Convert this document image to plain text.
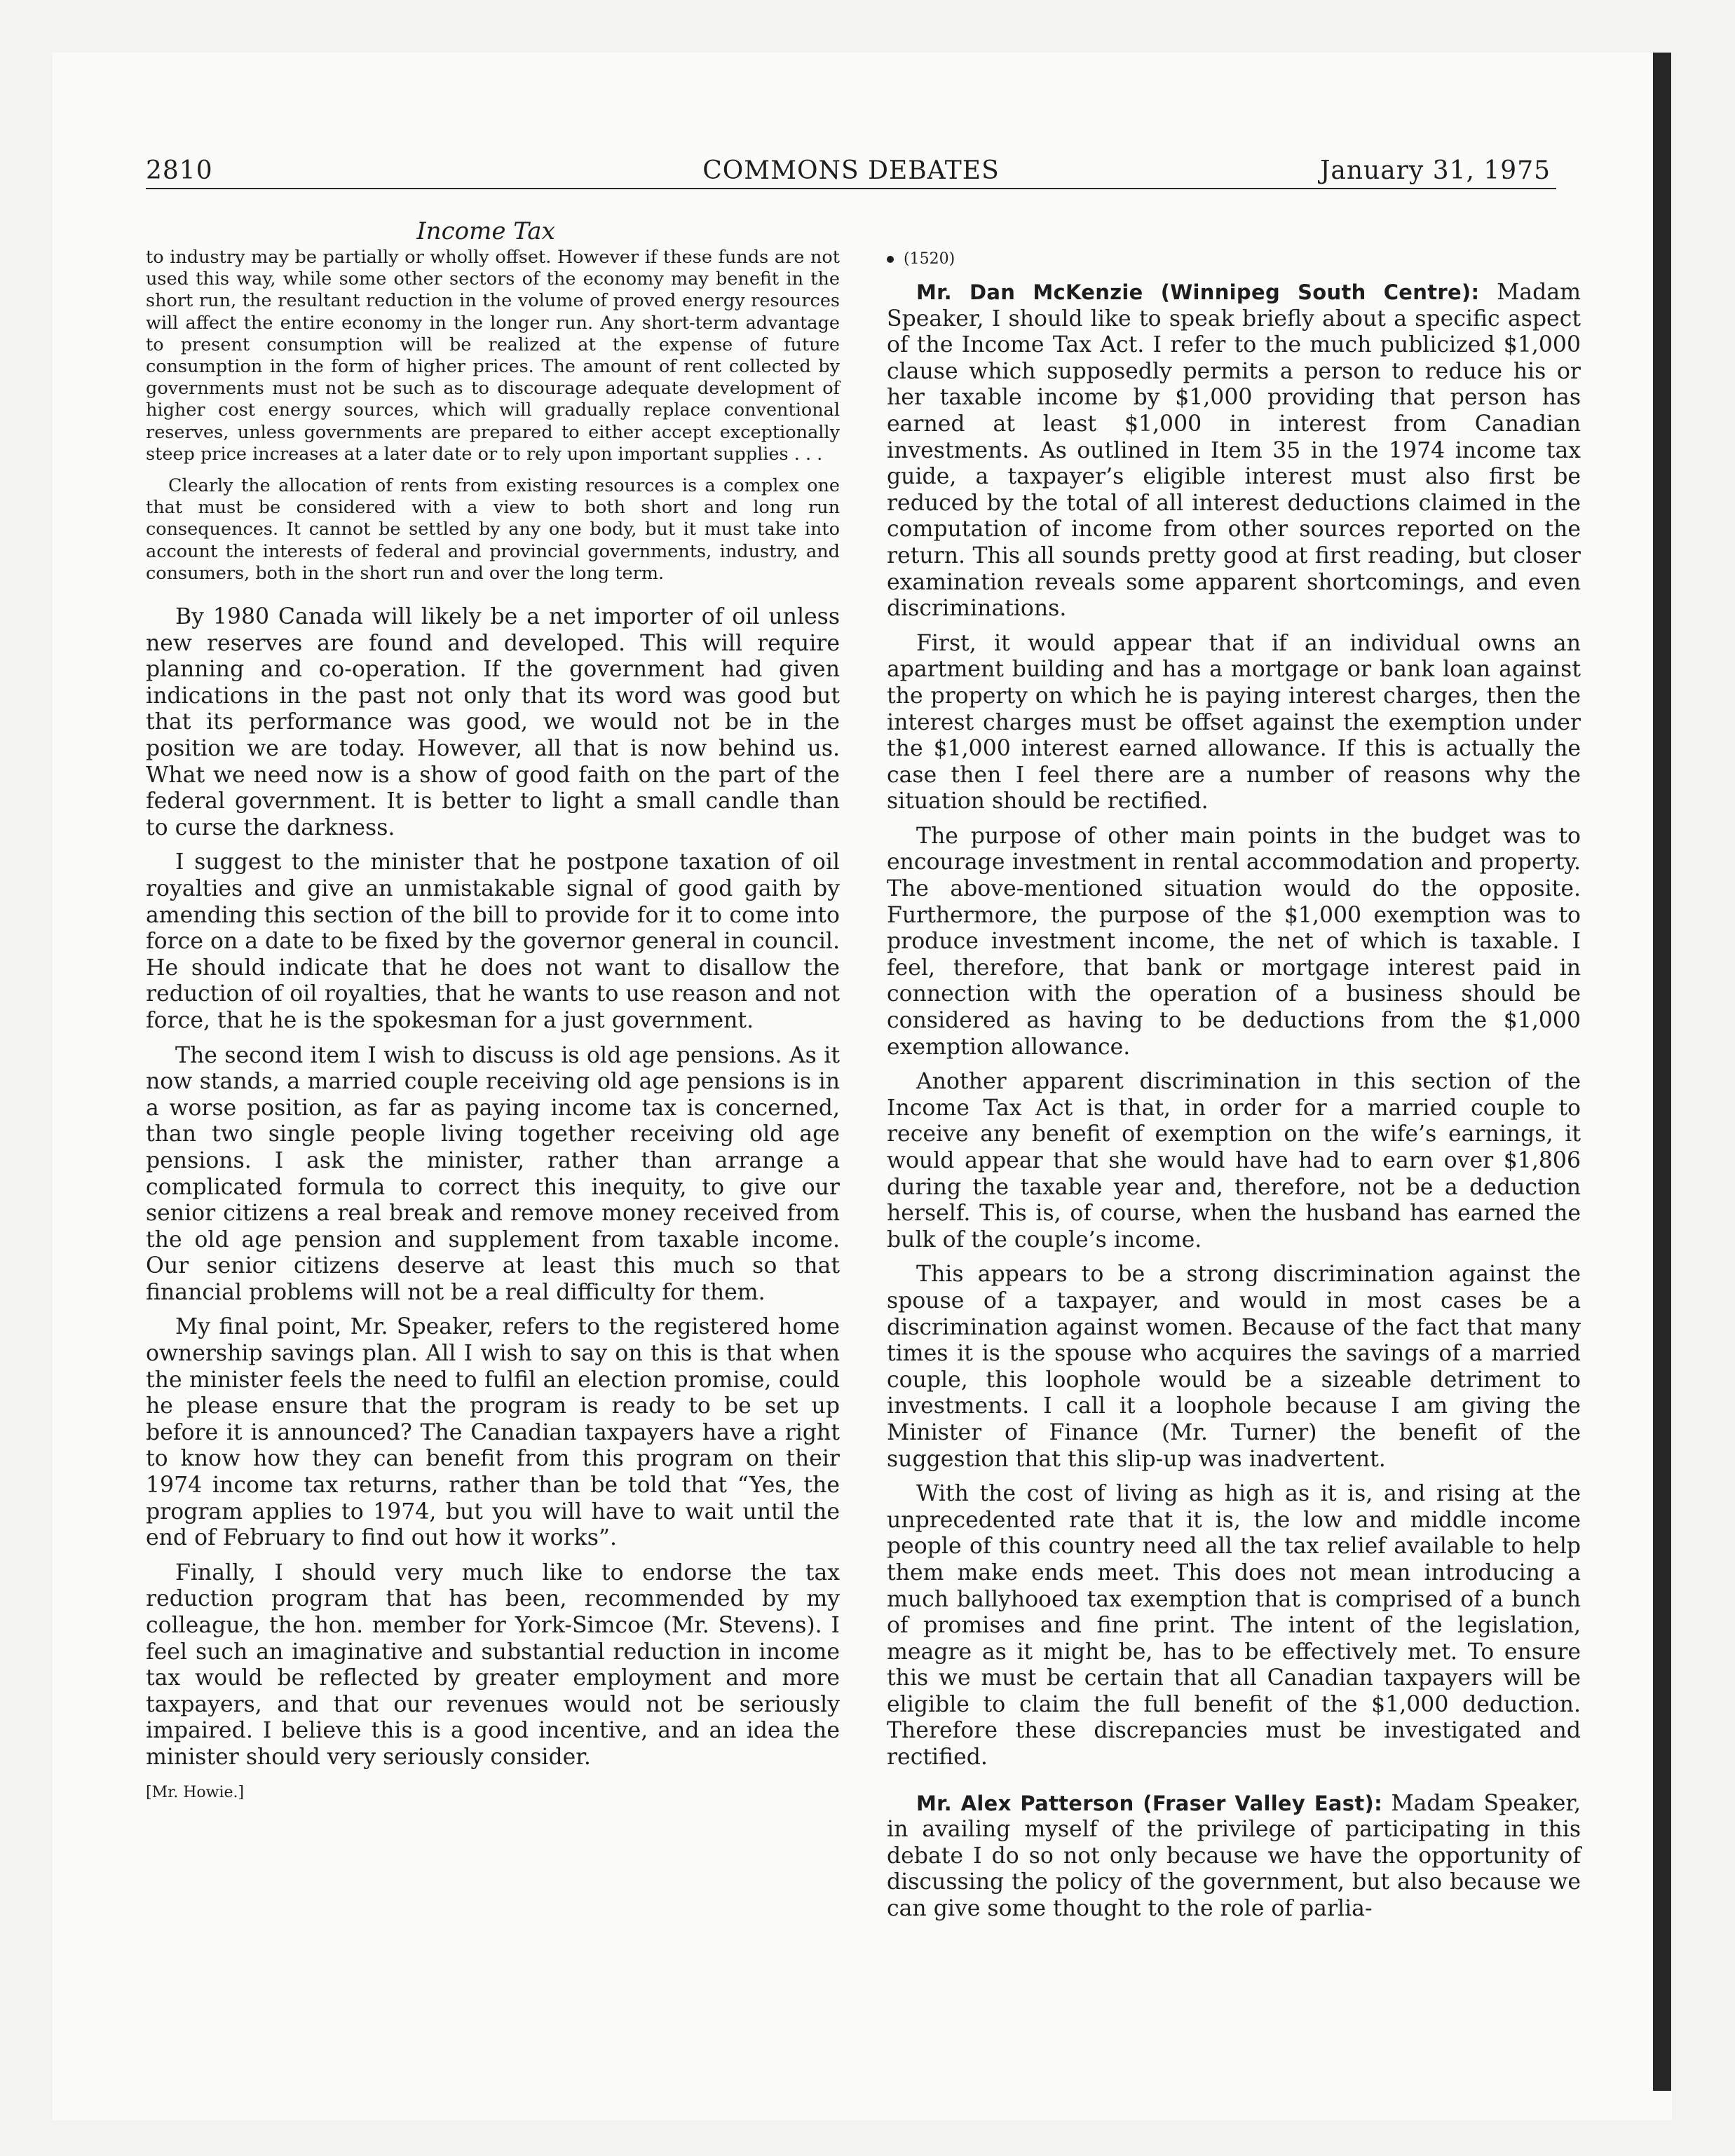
2810	COMMONS DEBATES	January 31, 1975
Income Tax

to industry may be partially or wholly offset. However if these funds are not used this way, while some other sectors of the economy may benefit in the short run, the resultant reduction in the volume of proved energy resources will affect the entire economy in the longer run. Any short-term advantage to present consumption will be realized at the expense of future consumption in the form of higher prices. The amount of rent collected by governments must not be such as to discourage adequate development of higher cost energy sources, which will gradually replace conventional reserves, unless governments are prepared to either accept exceptionally steep price increases at a later date or to rely upon important supplies . . .

Clearly the allocation of rents from existing resources is a complex one that must be considered with a view to both short and long run consequences. It cannot be settled by any one body, but it must take into account the interests of federal and provincial governments, industry, and consumers, both in the short run and over the long term.

By 1980 Canada will likely be a net importer of oil unless new reserves are found and developed. This will require planning and co-operation. If the government had given indications in the past not only that its word was good but that its performance was good, we would not be in the position we are today. However, all that is now behind us. What we need now is a show of good faith on the part of the federal government. It is better to light a small candle than to curse the darkness.

I suggest to the minister that he postpone taxation of oil royalties and give an unmistakable signal of good gaith by amending this section of the bill to provide for it to come into force on a date to be fixed by the governor general in council. He should indicate that he does not want to disallow the reduction of oil royalties, that he wants to use reason and not force, that he is the spokesman for a just government.

The second item I wish to discuss is old age pensions. As it now stands, a married couple receiving old age pensions is in a worse position, as far as paying income tax is concerned, than two single people living together receiving old age pensions. I ask the minister, rather than arrange a complicated formula to correct this inequity, to give our senior citizens a real break and remove money received from the old age pension and supplement from taxable income. Our senior citizens deserve at least this much so that financial problems will not be a real difficulty for them.

My final point, Mr. Speaker, refers to the registered home ownership savings plan. All I wish to say on this is that when the minister feels the need to fulfil an election promise, could he please ensure that the program is ready to be set up before it is announced? The Canadian taxpayers have a right to know how they can benefit from this program on their 1974 income tax returns, rather than be told that “Yes, the program applies to 1974, but you will have to wait until the end of February to find out how it works”.

Finally, I should very much like to endorse the tax reduction program that has been, recommended by my colleague, the hon. member for York-Simcoe (Mr. Stevens). I feel such an imaginative and substantial reduction in income tax would be reflected by greater employment and more taxpayers, and that our revenues would not be seriously impaired. I believe this is a good incentive, and an idea the minister should very seriously consider.

[Mr. Howie.]

(1520)

Mr. Dan McKenzie (Winnipeg South Centre): Madam Speaker, I should like to speak briefly about a specific aspect of the Income Tax Act. I refer to the much publicized $1,000 clause which supposedly permits a person to reduce his or her taxable income by $1,000 providing that person has earned at least $1,000 in interest from Canadian investments. As outlined in Item 35 in the 1974 income tax guide, a taxpayer’s eligible interest must also first be reduced by the total of all interest deductions claimed in the computation of income from other sources reported on the return. This all sounds pretty good at first reading, but closer examination reveals some apparent shortcomings, and even discriminations.

First, it would appear that if an individual owns an apartment building and has a mortgage or bank loan against the property on which he is paying interest charges, then the interest charges must be offset against the exemption under the $1,000 interest earned allowance. If this is actually the case then I feel there are a number of reasons why the situation should be rectified.

The purpose of other main points in the budget was to encourage investment in rental accommodation and property. The above-mentioned situation would do the opposite. Furthermore, the purpose of the $1,000 exemption was to produce investment income, the net of which is taxable. I feel, therefore, that bank or mortgage interest paid in connection with the operation of a business should be considered as having to be deductions from the $1,000 exemption allowance.

Another apparent discrimination in this section of the Income Tax Act is that, in order for a married couple to receive any benefit of exemption on the wife’s earnings, it would appear that she would have had to earn over $1,806 during the taxable year and, therefore, not be a deduction herself. This is, of course, when the husband has earned the bulk of the couple’s income.

This appears to be a strong discrimination against the spouse of a taxpayer, and would in most cases be a discrimination against women. Because of the fact that many times it is the spouse who acquires the savings of a married couple, this loophole would be a sizeable detriment to investments. I call it a loophole because I am giving the Minister of Finance (Mr. Turner) the benefit of the suggestion that this slip-up was inadvertent.

With the cost of living as high as it is, and rising at the unprecedented rate that it is, the low and middle income people of this country need all the tax relief available to help them make ends meet. This does not mean introducing a much ballyhooed tax exemption that is comprised of a bunch of promises and fine print. The intent of the legislation, meagre as it might be, has to be effectively met. To ensure this we must be certain that all Canadian taxpayers will be eligible to claim the full benefit of the $1,000 deduction. Therefore these discrepancies must be investigated and rectified.

Mr. Alex Patterson (Fraser Valley East): Madam Speaker, in availing myself of the privilege of participating in this debate I do so not only because we have the opportunity of discussing the policy of the government, but also because we can give some thought to the role of parlia-
